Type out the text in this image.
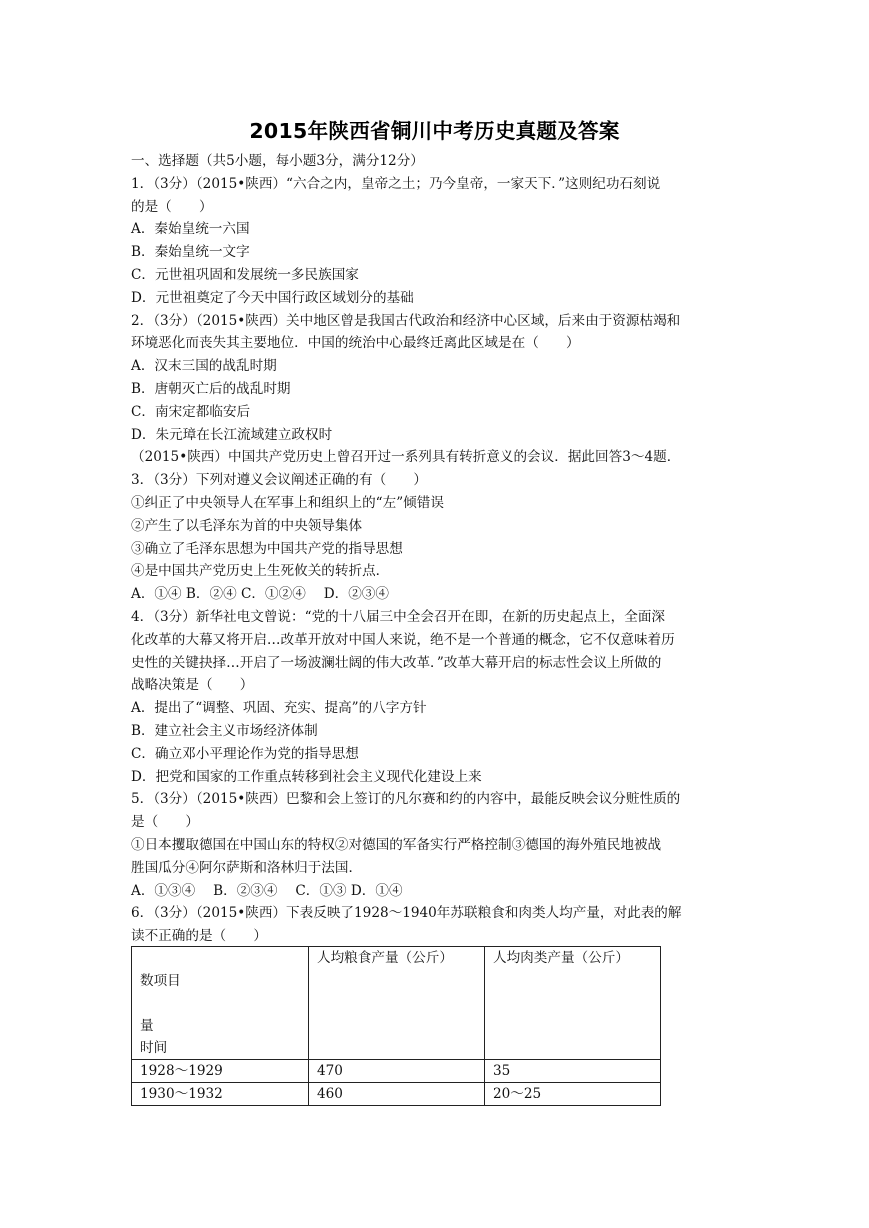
2015年陕西省铜川中考历史真题及答案

一、选择题（共5小题，每小题3分，满分12分）

1．（3分）（2015•陕西）“六合之内，皇帝之土；乃今皇帝，一家天下．”这则纪功石刻说

的是（　　）

A．秦始皇统一六国

B．秦始皇统一文字

C．元世祖巩固和发展统一多民族国家

D．元世祖奠定了今天中国行政区域划分的基础

2．（3分）（2015•陕西）关中地区曾是我国古代政治和经济中心区域，后来由于资源枯竭和

环境恶化而丧失其主要地位．中国的统治中心最终迁离此区域是在（　　）

A．汉末三国的战乱时期

B．唐朝灭亡后的战乱时期

C．南宋定都临安后

D．朱元璋在长江流域建立政权时

（2015•陕西）中国共产党历史上曾召开过一系列具有转折意义的会议．据此回答3～4题．

3．（3分）下列对遵义会议阐述正确的有（　　）

①纠正了中央领导人在军事上和组织上的“左”倾错误

②产生了以毛泽东为首的中央领导集体

③确立了毛泽东思想为中国共产党的指导思想

④是中国共产党历史上生死攸关的转折点．

A．①④ B．②④ C．①②④　 D．②③④

4．（3分）新华社电文曾说：“党的十八届三中全会召开在即，在新的历史起点上，全面深

化改革的大幕又将开启…改革开放对中国人来说，绝不是一个普通的概念，它不仅意味着历

史性的关键抉择…开启了一场波澜壮阔的伟大改革．”改革大幕开启的标志性会议上所做的

战略决策是（　　）

A．提出了“调整、巩固、充实、提高”的八字方针

B．建立社会主义市场经济体制

C．确立邓小平理论作为党的指导思想

D．把党和国家的工作重点转移到社会主义现代化建设上来

5．（3分）（2015•陕西）巴黎和会上签订的凡尔赛和约的内容中，最能反映会议分赃性质的

是（　　）

①日本攫取德国在中国山东的特权②对德国的军备实行严格控制③德国的海外殖民地被战

胜国瓜分④阿尔萨斯和洛林归于法国．

A．①③④　 B．②③④　 C．①③ D．①④

6．（3分）（2015•陕西）下表反映了1928～1940年苏联粮食和肉类人均产量，对此表的解

读不正确的是（　　）

数项目
量
时间	人均粮食产量（公斤）	人均肉类产量（公斤）

1928～1929	470	35
1930～1932	460	20～25
